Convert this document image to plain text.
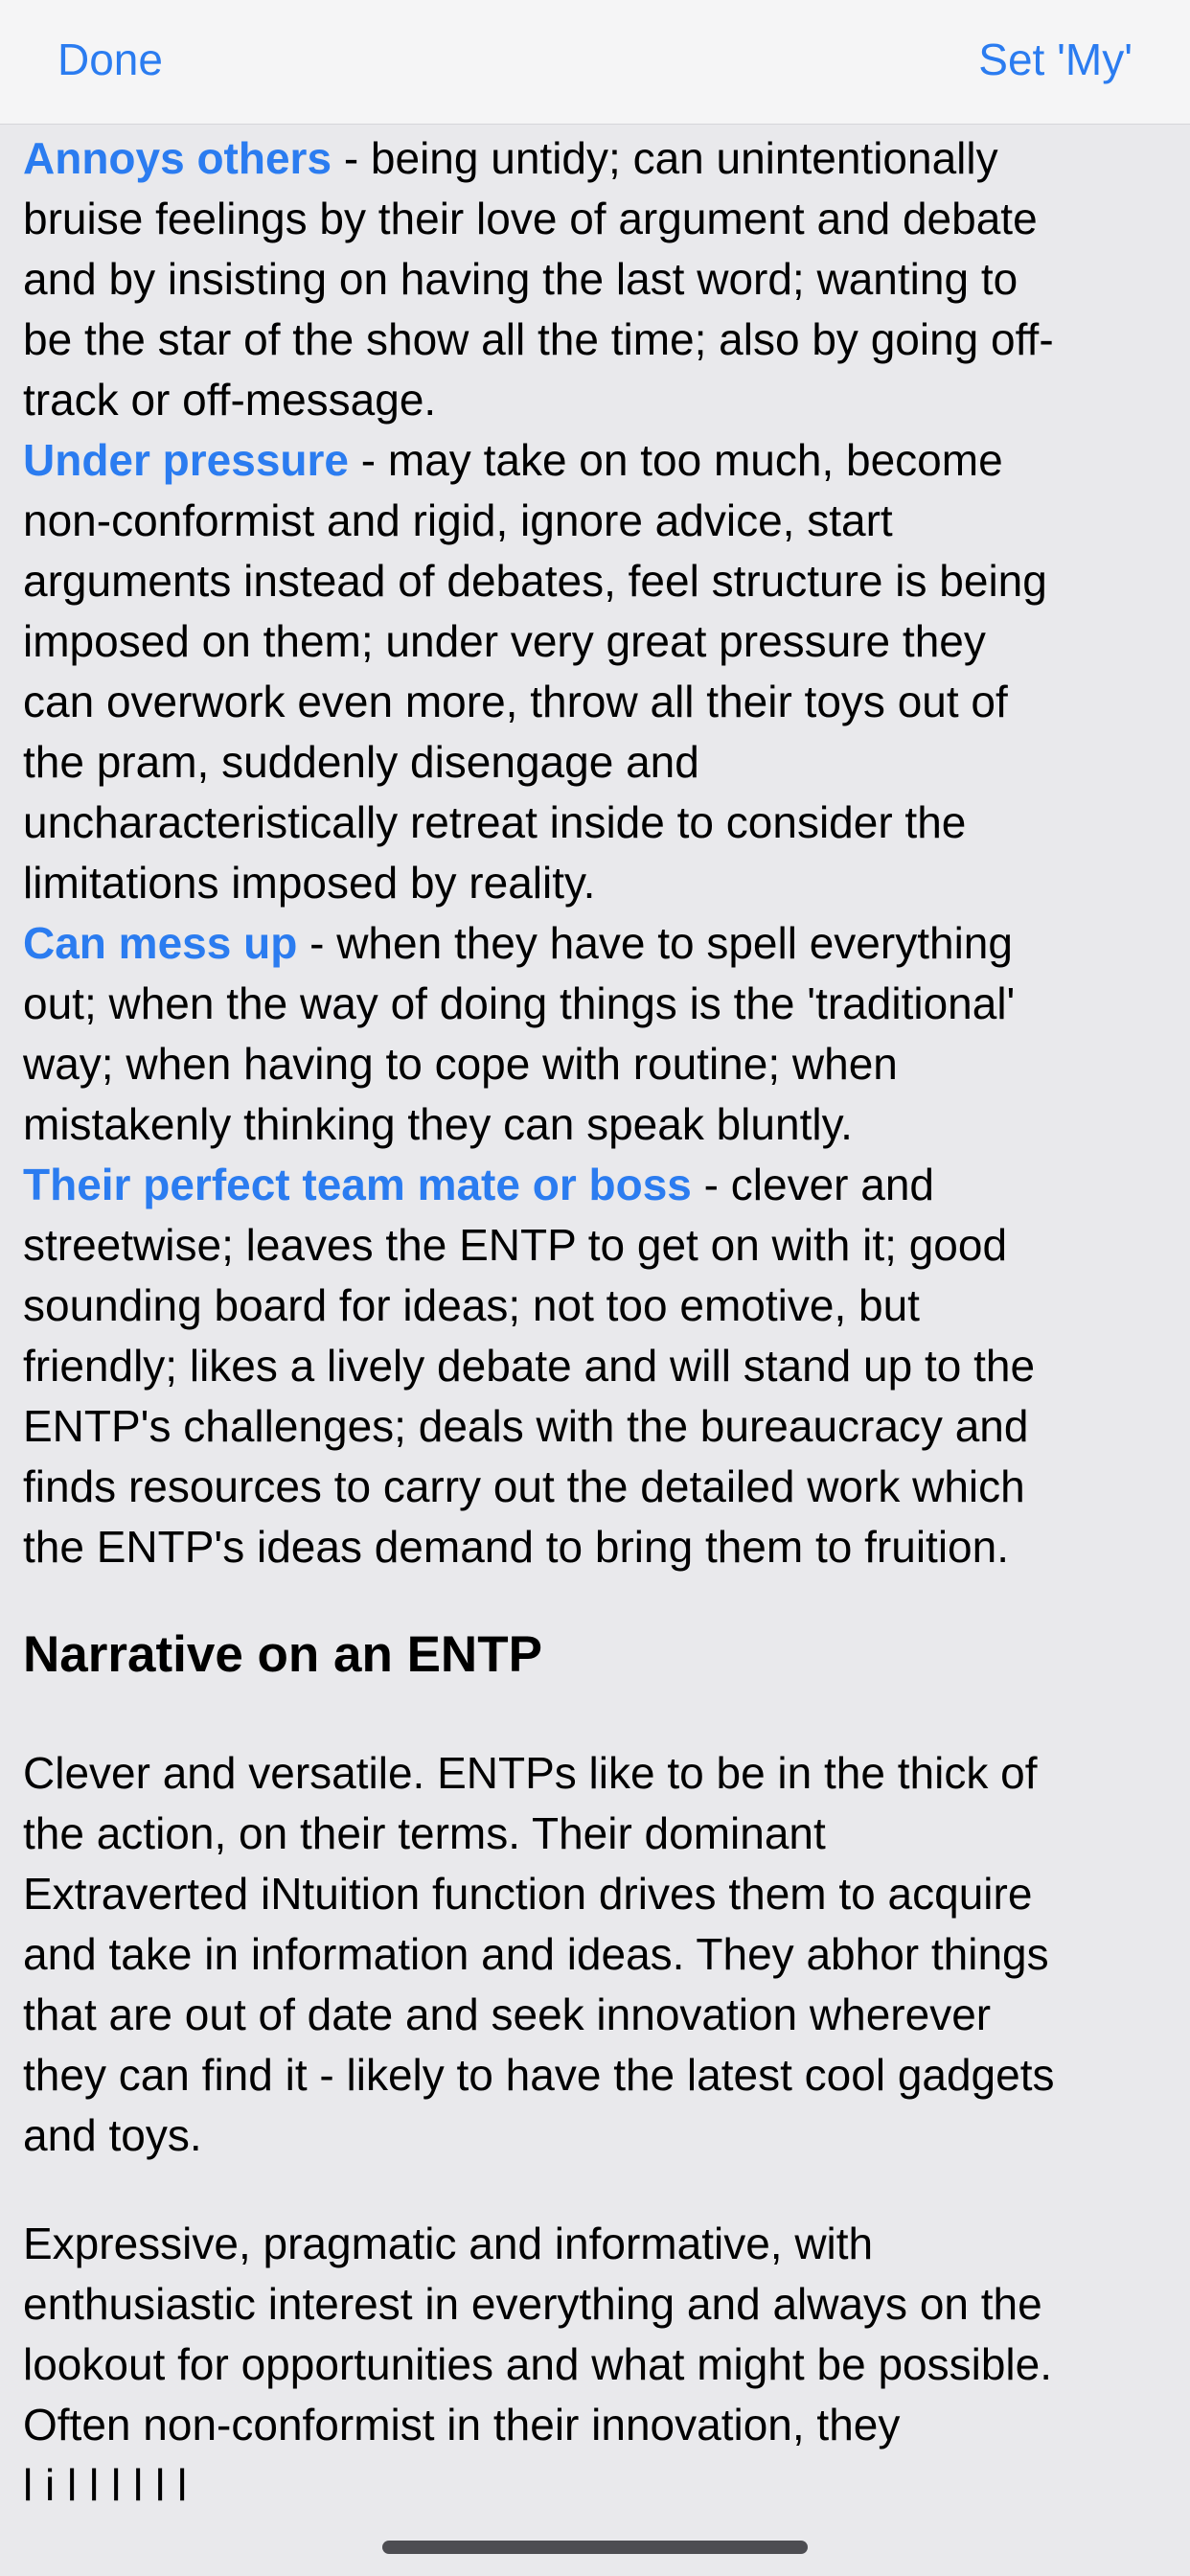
Done	Set 'My'

Annoys others - being untidy; can unintentionally
bruise feelings by their love of argument and debate
and by insisting on having the last word; wanting to
be the star of the show all the time; also by going off-
track or off-message.

Under pressure - may take on too much, become
non-conformist and rigid, ignore advice, start
arguments instead of debates, feel structure is being
imposed on them; under very great pressure they
can overwork even more, throw all their toys out of
the pram, suddenly disengage and
uncharacteristically retreat inside to consider the
limitations imposed by reality.

Can mess up - when they have to spell everything
out; when the way of doing things is the 'traditional'
way; when having to cope with routine; when
mistakenly thinking they can speak bluntly.

Their perfect team mate or boss - clever and
streetwise; leaves the ENTP to get on with it; good
sounding board for ideas; not too emotive, but
friendly; likes a lively debate and will stand up to the
ENTP's challenges; deals with the bureaucracy and
finds resources to carry out the detailed work which
the ENTP's ideas demand to bring them to fruition.

Narrative on an ENTP

Clever and versatile. ENTPs like to be in the thick of
the action, on their terms. Their dominant
Extraverted iNtuition function drives them to acquire
and take in information and ideas. They abhor things
that are out of date and seek innovation wherever
they can find it - likely to have the latest cool gadgets
and toys.

Expressive, pragmatic and informative, with
enthusiastic interest in everything and always on the
lookout for opportunities and what might be possible.
Often non-conformist in their innovation, they
l i l l l l l l
